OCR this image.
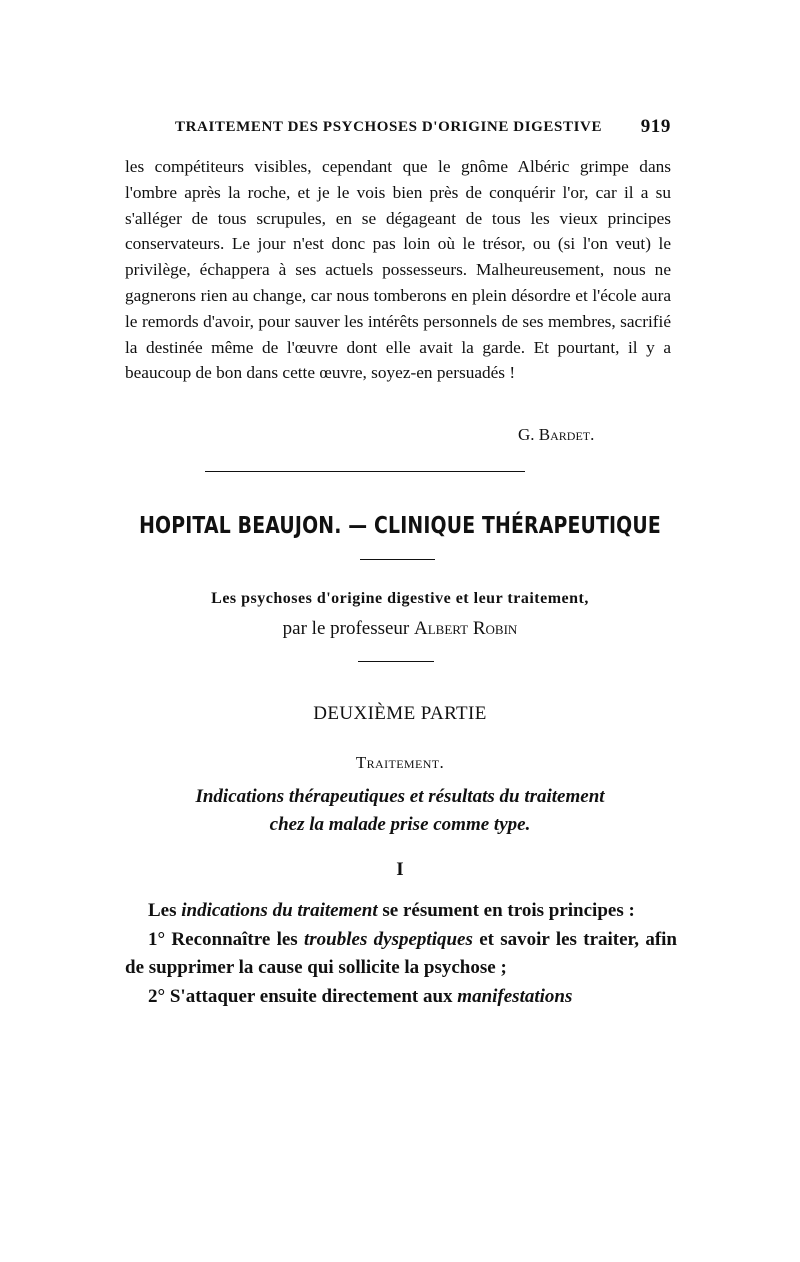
TRAITEMENT DES PSYCHOSES D'ORIGINE DIGESTIVE 919

les compétiteurs visibles, cependant que le gnôme Albéric grimpe dans l'ombre après la roche, et je le vois bien près de conquérir l'or, car il a su s'alléger de tous scrupules, en se dégageant de tous les vieux principes conservateurs. Le jour n'est donc pas loin où le trésor, ou (si l'on veut) le privilège, échappera à ses actuels possesseurs. Malheureusement, nous ne gagnerons rien au change, car nous tomberons en plein désordre et l'école aura le remords d'avoir, pour sauver les intérêts personnels de ses membres, sacrifié la destinée même de l'œuvre dont elle avait la garde. Et pourtant, il y a beaucoup de bon dans cette œuvre, soyez-en persuadés !

G. Bardet.
HOPITAL BEAUJON. — CLINIQUE THÉRAPEUTIQUE
Les psychoses d'origine digestive et leur traitement,
par le professeur Albert Robin
DEUXIÈME PARTIE
Traitement.
Indications thérapeutiques et résultats du traitement
chez la malade prise comme type.
I

Les indications du traitement se résument en trois principes :

1° Reconnaître les troubles dyspeptiques et savoir les traiter, afin de supprimer la cause qui sollicite la psychose ;

2° S'attaquer ensuite directement aux manifestations
